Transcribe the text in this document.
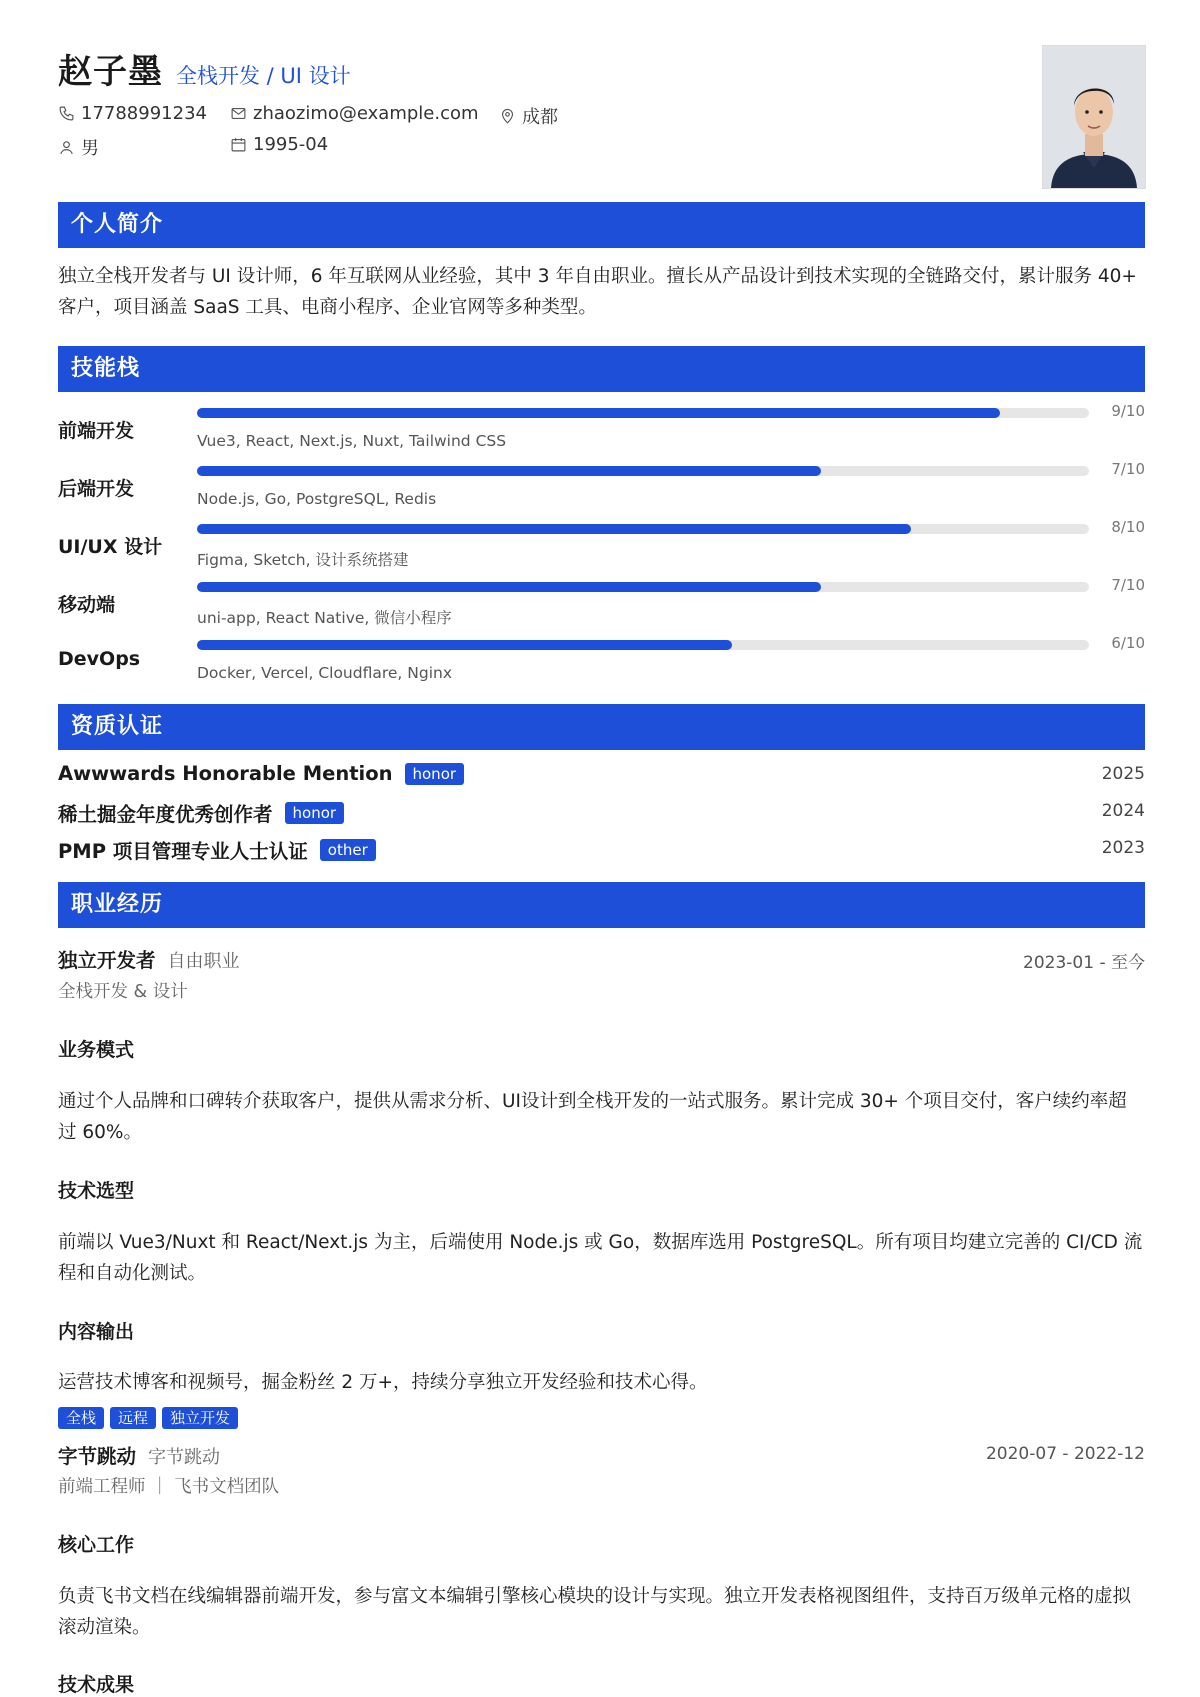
赵子墨 全栈开发 / UI 设计
17788991234	zhaozimo@example.com 成都
男	1995-04
个人简介
独立全栈开发者与 UI 设计师，6 年互联网从业经验，其中 3 年自由职业。擅长从产品设计到技术实现的全链路交付，累计服务 40+ 客户，项目涵盖 SaaS 工具、电商小程序、企业官网等多种类型。
技能栈
前端开发
9/10
Vue3, React, Next.js, Nuxt, Tailwind CSS
后端开发
7/10
Node.js, Go, PostgreSQL, Redis
UI/UX 设计
8/10
Figma, Sketch, 设计系统搭建
移动端
7/10
uni-app, React Native, 微信小程序
DevOps
6/10
Docker, Vercel, Cloudflare, Nginx
资质认证
Awwwards Honorable Mention	honor	2025
稀土掘金年度优秀创作者	honor	2024
PMP 项目管理专业人士认证	other	2023
职业经历
独立开发者 自由职业	2023-01 - 至今
全栈开发 & 设计
业务模式
通过个人品牌和口碑转介获取客户，提供从需求分析、UI设计到全栈开发的一站式服务。累计完成 30+ 个项目交付，客户续约率超过 60%。
技术选型
前端以 Vue3/Nuxt 和 React/Next.js 为主，后端使用 Node.js 或 Go，数据库选用 PostgreSQL。所有项目均建立完善的 CI/CD 流程和自动化测试。
内容输出
运营技术博客和视频号，掘金粉丝 2 万+，持续分享独立开发经验和技术心得。
全栈	远程	独立开发
字节跳动 字节跳动	2020-07 - 2022-12
前端工程师 ｜ 飞书文档团队
核心工作
负责飞书文档在线编辑器前端开发，参与富文本编辑引擎核心模块的设计与实现。独立开发表格视图组件，支持百万级单元格的虚拟滚动渲染。
技术成果
